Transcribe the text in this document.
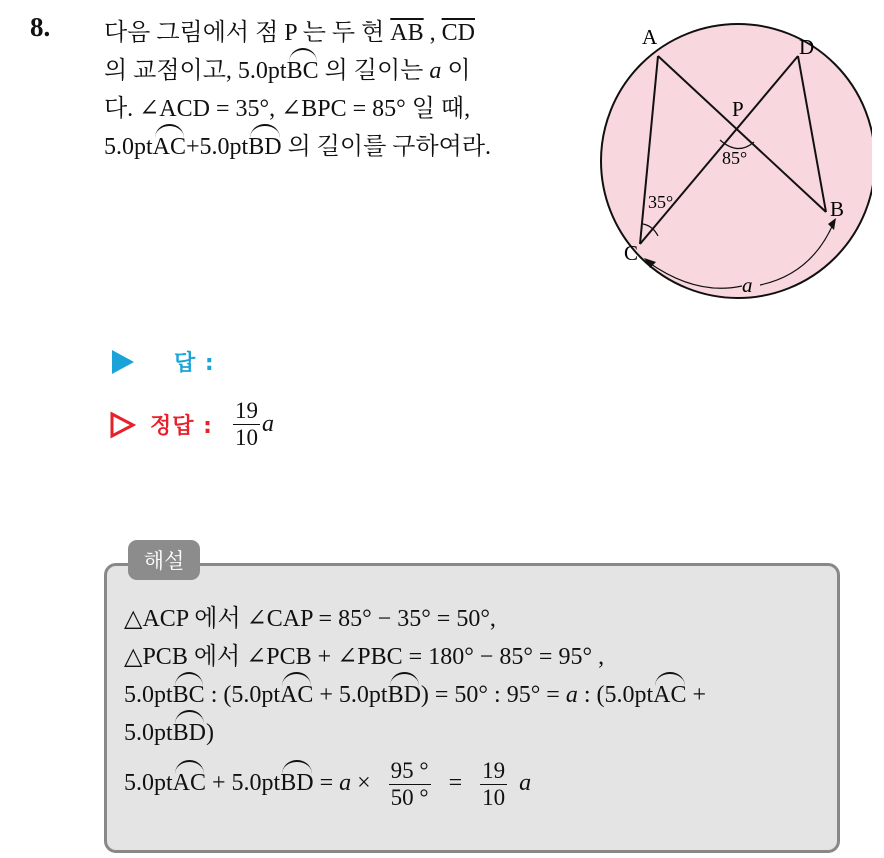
8. 다음 그림에서 점 P 는 두 현 $\overline{AB}$ , $\overline{CD}$
의 교점이고, 5.0ptBC 의 길이는 a 이
다. ∠ACD = 35°, ∠BPC = 85° 일 때,
5.0ptAC+5.0ptBD 의 길이를 구하여라.
A	D
P
B
C
35°
85°
a
답 :
정답 : $\frac{19}{10}$ a
해설
△ACP 에서 ∠CAP = 85° − 35° = 50°,
△PCB 에서 ∠PCB + ∠PBC = 180° − 85° = 95° ,
5.0ptBC : (5.0ptAC + 5.0ptBD) = 50° : 95° = a : (5.0ptAC +
5.0ptBD)
5.0ptAC + 5.0ptBD = $a \times \frac{95 ^\circ}{50 ^\circ} = \frac{19}{10}$ a
